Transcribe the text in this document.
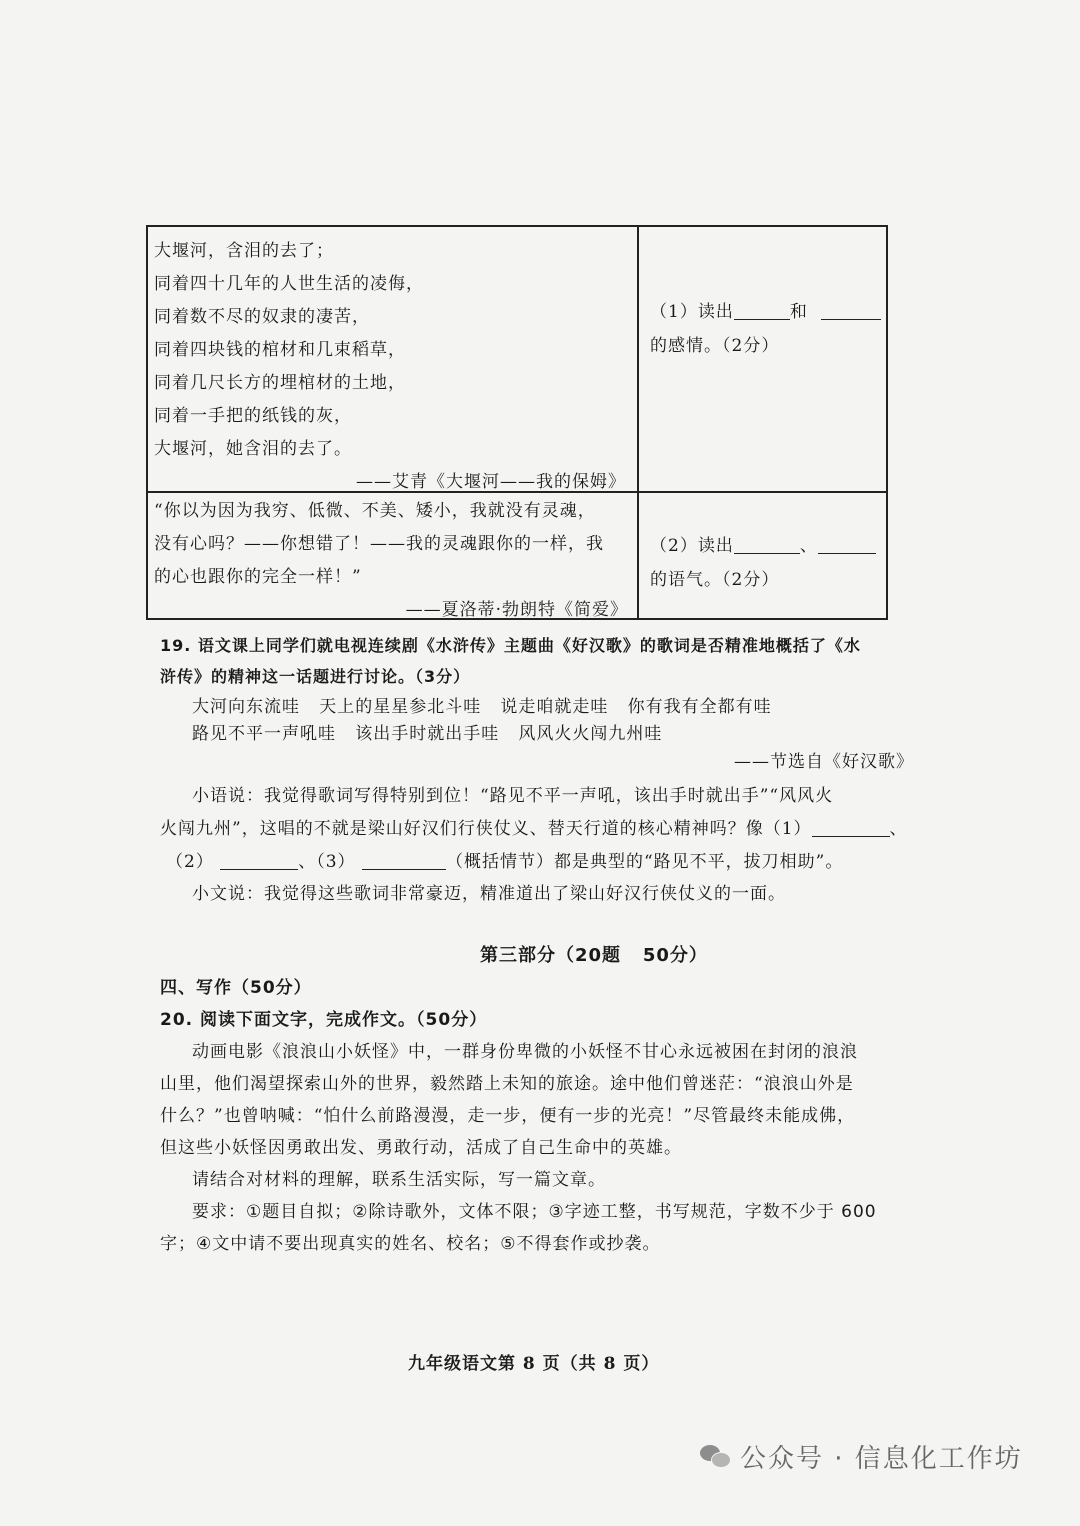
大堰河，含泪的去了；
同着四十几年的人世生活的凌侮，
同着数不尽的奴隶的凄苦，
同着四块钱的棺材和几束稻草，
同着几尺长方的埋棺材的土地，
同着一手把的纸钱的灰，
大堰河，她含泪的去了。
——艾青《大堰河——我的保姆》
（1）读出	和
的感情。（2分）
“你以为因为我穷、低微、不美、矮小，我就没有灵魂，
没有心吗？——你想错了！——我的灵魂跟你的一样，我
的心也跟你的完全一样！”
——夏洛蒂·勃朗特《简爱》
（2）读出	、
的语气。（2分）
19. 语文课上同学们就电视连续剧《水浒传》主题曲《好汉歌》的歌词是否精准地概括了《水
浒传》的精神这一话题进行讨论。（3分）
大河向东流哇   天上的星星参北斗哇   说走咱就走哇   你有我有全都有哇
路见不平一声吼哇   该出手时就出手哇   风风火火闯九州哇
——节选自《好汉歌》
小语说：我觉得歌词写得特别到位！“路见不平一声吼，该出手时就出手”“风风火
火闯九州”，这唱的不就是梁山好汉们行侠仗义、替天行道的核心精神吗？像（1）	、
（2）	、（3）	（概括情节）都是典型的“路见不平，拔刀相助”。
小文说：我觉得这些歌词非常豪迈，精准道出了梁山好汉行侠仗义的一面。
第三部分（20题   50分）
四、写作（50分）
20. 阅读下面文字，完成作文。（50分）
动画电影《浪浪山小妖怪》中，一群身份卑微的小妖怪不甘心永远被困在封闭的浪浪
山里，他们渴望探索山外的世界，毅然踏上未知的旅途。途中他们曾迷茫：“浪浪山外是
什么？”也曾呐喊：“怕什么前路漫漫，走一步，便有一步的光亮！”尽管最终未能成佛，
但这些小妖怪因勇敢出发、勇敢行动，活成了自己生命中的英雄。
请结合对材料的理解，联系生活实际，写一篇文章。
要求：①题目自拟；②除诗歌外，文体不限；③字迹工整，书写规范，字数不少于 600
字；④文中请不要出现真实的姓名、校名；⑤不得套作或抄袭。
九年级语文第 8 页（共 8 页）
公众号 · 信息化工作坊
